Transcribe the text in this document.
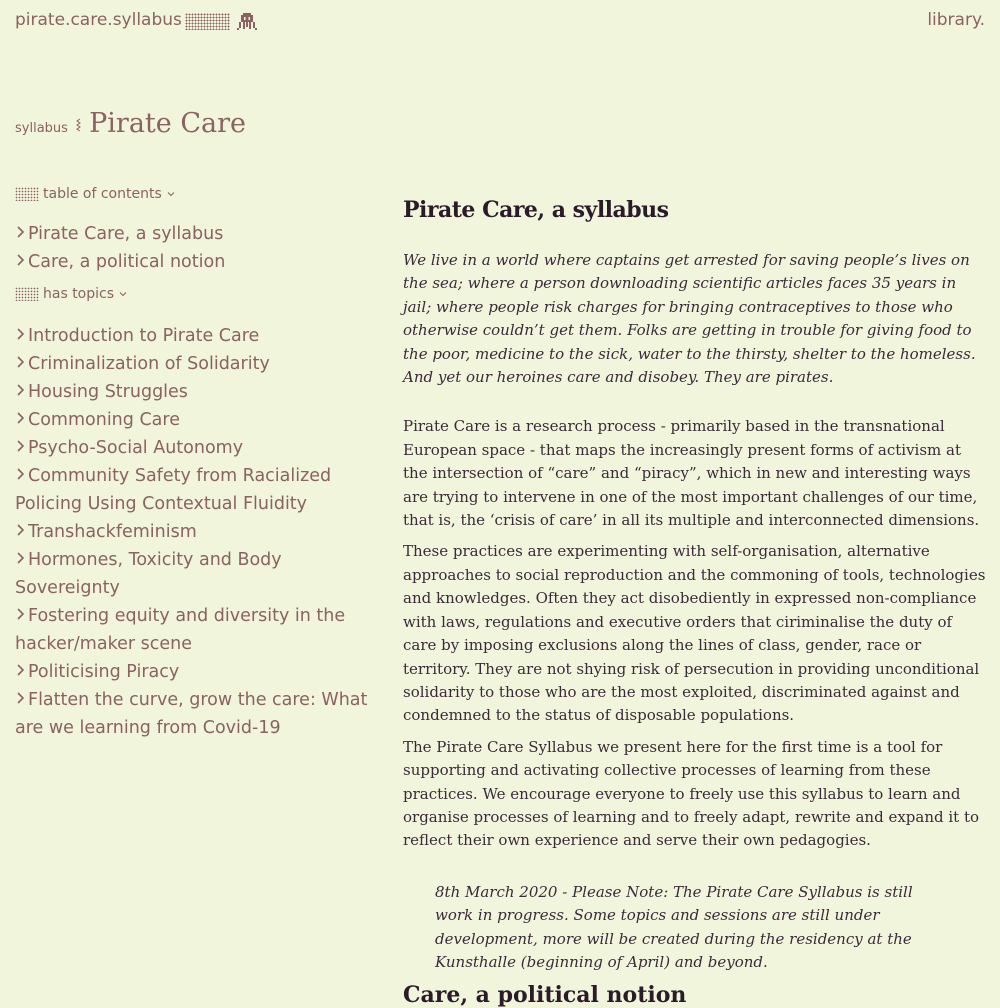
pirate.care.syllabus	library.
syllabus Pirate Care
table of contents
Pirate Care, a syllabus
Care, a political notion
has topics
Introduction to Pirate Care
Criminalization of Solidarity
Housing Struggles
Commoning Care
Psycho-Social Autonomy
Community Safety from Racialized Policing Using Contextual Fluidity
Transhackfeminism
Hormones, Toxicity and Body Sovereignty
Fostering equity and diversity in the hacker/maker scene
Politicising Piracy
Flatten the curve, grow the care: What are we learning from Covid-19
Pirate Care, a syllabus

We live in a world where captains get arrested for saving people’s lives on the sea; where a person downloading scientific articles faces 35 years in jail; where people risk charges for bringing contraceptives to those who otherwise couldn’t get them. Folks are getting in trouble for giving food to the poor, medicine to the sick, water to the thirsty, shelter to the homeless. And yet our heroines care and disobey. They are pirates.

Pirate Care is a research process - primarily based in the transnational European space - that maps the increasingly present forms of activism at the intersection of “care” and “piracy”, which in new and interesting ways are trying to intervene in one of the most important challenges of our time, that is, the ‘crisis of care’ in all its multiple and interconnected dimensions.

These practices are experimenting with self-organisation, alternative approaches to social reproduction and the commoning of tools, technologies and knowledges. Often they act disobediently in expressed non-compliance with laws, regulations and executive orders that ciriminalise the duty of care by imposing exclusions along the lines of class, gender, race or territory. They are not shying risk of persecution in providing unconditional solidarity to those who are the most exploited, discriminated against and condemned to the status of disposable populations.

The Pirate Care Syllabus we present here for the first time is a tool for supporting and activating collective processes of learning from these practices. We encourage everyone to freely use this syllabus to learn and organise processes of learning and to freely adapt, rewrite and expand it to reflect their own experience and serve their own pedagogies.

8th March 2020 - Please Note: The Pirate Care Syllabus is still work in progress. Some topics and sessions are still under development, more will be created during the residency at the Kunsthalle (beginning of April) and beyond.

Care, a political notion
